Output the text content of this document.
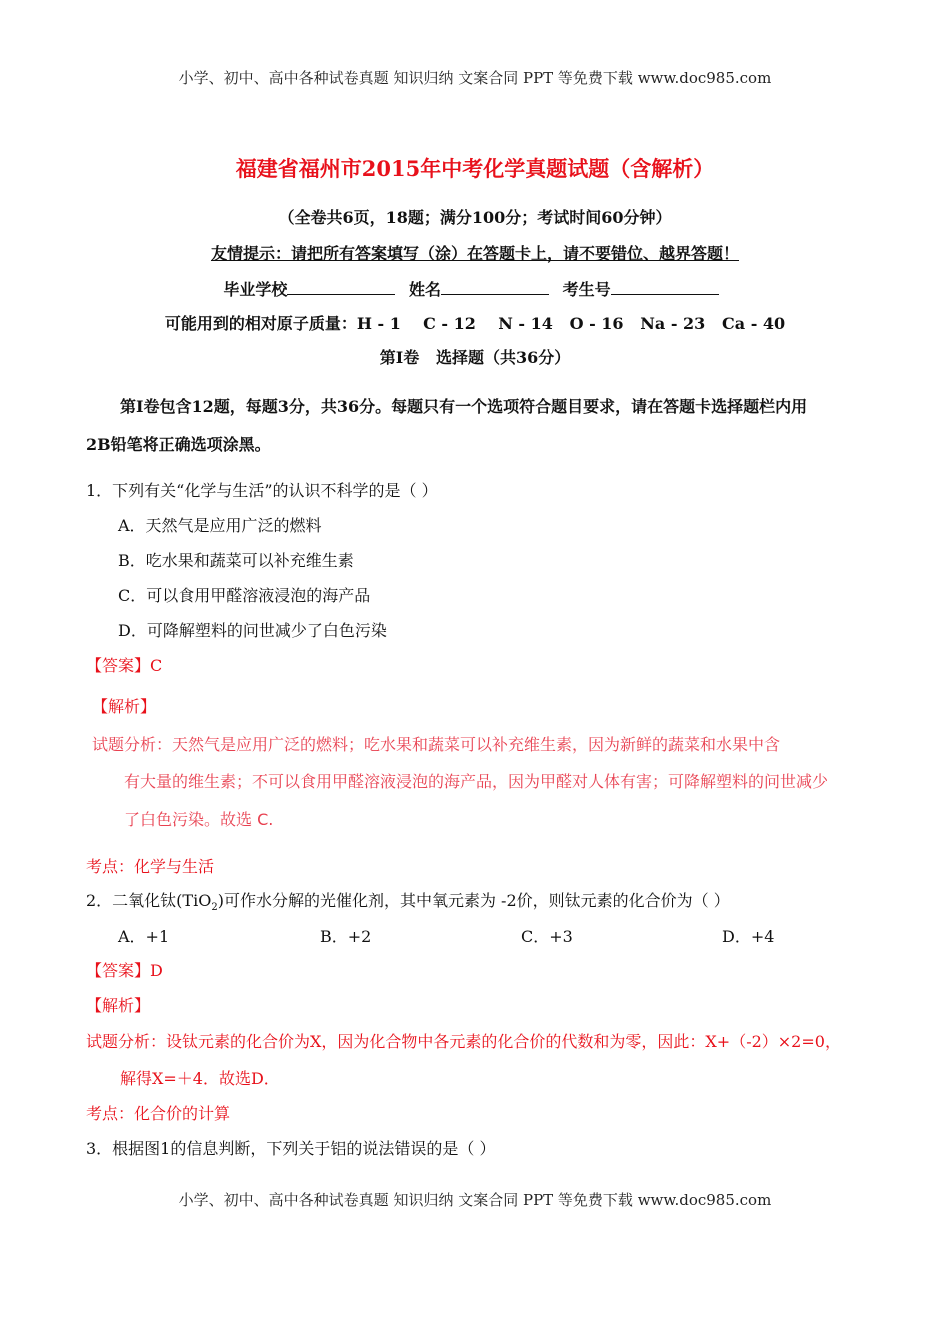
小学、初中、高中各种试卷真题 知识归纳 文案合同 PPT 等免费下载 www.doc985.com
福建省福州市2015年中考化学真题试题（含解析）
（全卷共6页，18题；满分100分；考试时间60分钟）
友情提示：请把所有答案填写（涂）在答题卡上，请不要错位、越界答题！
毕业学校	姓名	考生号
可能用到的相对原子质量：H - 1    C - 12    N - 14   O - 16   Na - 23   Ca - 40
第Ⅰ卷   选择题（共36分）
第Ⅰ卷包含12题，每题3分，共36分。每题只有一个选项符合题目要求，请在答题卡选择题栏内用
2B铅笔将正确选项涂黑。
1．下列有关“化学与生活”的认识不科学的是（ ）
A．天然气是应用广泛的燃料
B．吃水果和蔬菜可以补充维生素
C．可以食用甲醛溶液浸泡的海产品
D．可降解塑料的问世减少了白色污染
【答案】C
【解析】
试题分析：天然气是应用广泛的燃料；吃水果和蔬菜可以补充维生素，因为新鲜的蔬菜和水果中含
有大量的维生素；不可以食用甲醛溶液浸泡的海产品，因为甲醛对人体有害；可降解塑料的问世减少
了白色污染。故选 C.
考点：化学与生活
2．二氧化钛(TiO$_2$)可作水分解的光催化剂，其中氧元素为 -2价，则钛元素的化合价为（ ）
A．+1	B．+2	C．+3	D．+4
【答案】D
【解析】
试题分析：设钛元素的化合价为X，因为化合物中各元素的化合价的代数和为零，因此：X+（-2）×2=0，
解得X=＋4．故选D．
考点：化合价的计算
3．根据图1的信息判断，下列关于铝的说法错误的是（ ）
小学、初中、高中各种试卷真题 知识归纳 文案合同 PPT 等免费下载 www.doc985.com
